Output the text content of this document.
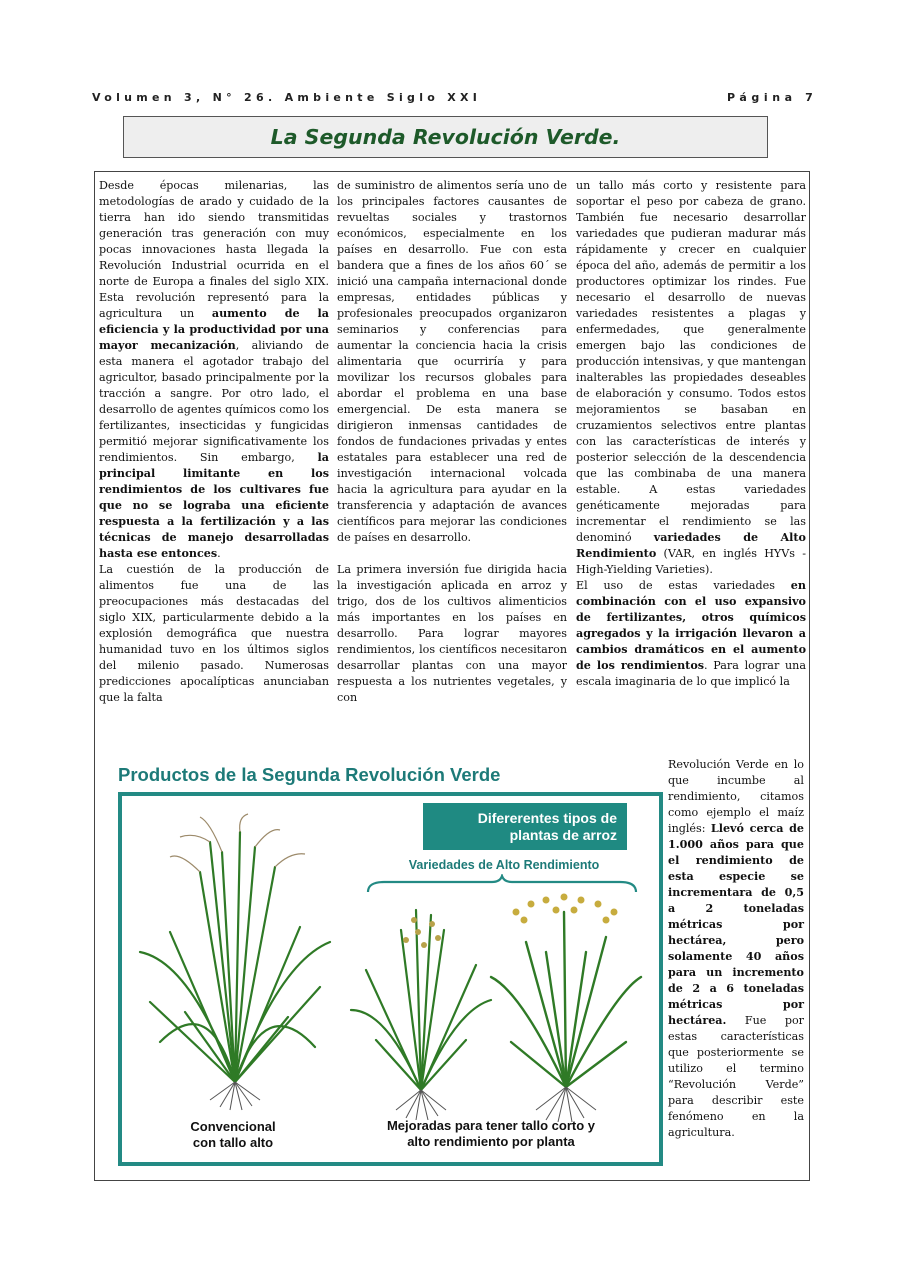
Volumen 3, N° 26. Ambiente Siglo XXI	Página 7
La Segunda Revolución Verde.

Desde épocas milenarias, las metodologías de arado y cuidado de la tierra han ido siendo transmitidas generación tras generación con muy pocas innovaciones hasta llegada la Revolución Industrial ocurrida en el norte de Europa a finales del siglo XIX. Esta revolución representó para la agricultura un aumento de la eficiencia y la productividad por una mayor mecanización, aliviando de esta manera el agotador trabajo del agricultor, basado principalmente por la tracción a sangre. Por otro lado, el desarrollo de agentes químicos como los fertilizantes, insecticidas y fungicidas permitió mejorar significativamente los rendimientos. Sin embargo, la principal limitante en los rendimientos de los cultivares fue que no se lograba una eficiente respuesta a la fertilización y a las técnicas de manejo desarrolladas hasta ese entonces.

La cuestión de la producción de alimentos fue una de las preocupaciones más destacadas del siglo XIX, particularmente debido a la explosión demográfica que nuestra humanidad tuvo en los últimos siglos del milenio pasado. Numerosas predicciones apocalípticas anunciaban que la falta

de suministro de alimentos sería uno de los principales factores causantes de revueltas sociales y trastornos económicos, especialmente en los países en desarrollo. Fue con esta bandera que a fines de los años 60´ se inició una campaña internacional donde empresas, entidades públicas y profesionales preocupados organizaron seminarios y conferencias para aumentar la conciencia hacia la crisis alimentaria que ocurriría y para movilizar los recursos globales para abordar el problema en una base emergencial. De esta manera se dirigieron inmensas cantidades de fondos de fundaciones privadas y entes estatales para establecer una red de investigación internacional volcada hacia la agricultura para ayudar en la transferencia y adaptación de avances científicos para mejorar las condiciones de países en desarrollo.

La primera inversión fue dirigida hacia la investigación aplicada en arroz y trigo, dos de los cultivos alimenticios más importantes en los países en desarrollo. Para lograr mayores rendimientos, los científicos necesitaron desarrollar plantas con una mayor respuesta a los nutrientes vegetales, y con

un tallo más corto y resistente para soportar el peso por cabeza de grano. También fue necesario desarrollar variedades que pudieran madurar más rápidamente y crecer en cualquier época del año, además de permitir a los productores optimizar los rindes. Fue necesario el desarrollo de nuevas variedades resistentes a plagas y enfermedades, que generalmente emergen bajo las condiciones de producción intensivas, y que mantengan inalterables las propiedades deseables de elaboración y consumo. Todos estos mejoramientos se basaban en cruzamientos selectivos entre plantas con las características de interés y posterior selección de la descendencia que las combinaba de una manera estable. A estas variedades genéticamente mejoradas para incrementar el rendimiento se las denominó variedades de Alto Rendimiento (VAR, en inglés HYVs - High-Yielding Varieties).

El uso de estas variedades en combinación con el uso expansivo de fertilizantes, otros químicos agregados y la irrigación llevaron a cambios dramáticos en el aumento de los rendimientos. Para lograr una escala imaginaria de lo que implicó la

Revolución Verde en lo que incumbe al rendimiento, citamos como ejemplo el maíz inglés: Llevó cerca de 1.000 años para que el rendimiento de esta especie se incrementara de 0,5 a 2 toneladas métricas por hectárea, pero solamente 40 años para un incremento de 2 a 6 toneladas métricas por hectárea. Fue por estas características que posteriormente se utilizo el termino “Revolución Verde” para describir este fenómeno en la agricultura.

Productos de la Segunda Revolución Verde
Difererentes tipos de
plantas de arroz
Variedades de Alto Rendimiento
Convencional
con tallo alto
Mejoradas para tener tallo corto y
alto rendimiento por planta
